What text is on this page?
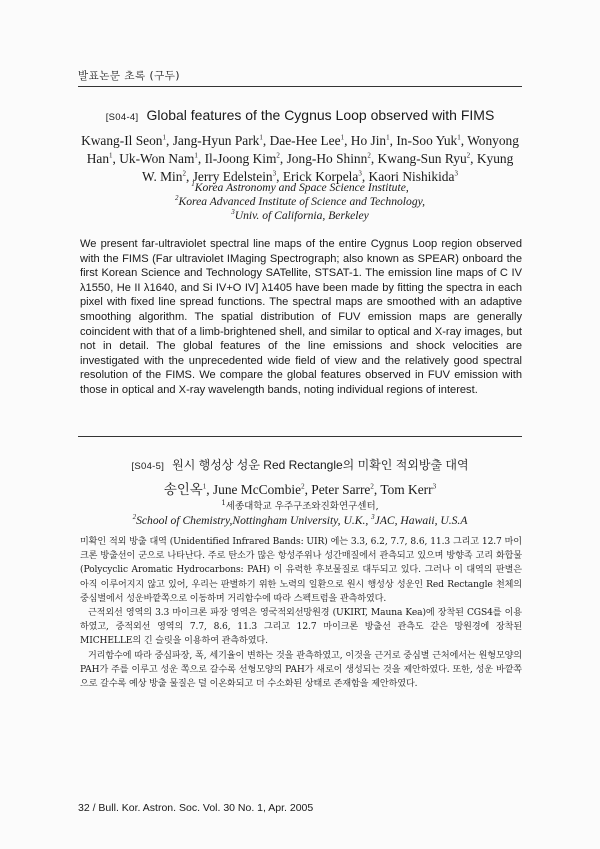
발표논문 초록 (구두)
[S04-4] Global features of the Cygnus Loop observed with FIMS
Kwang-Il Seon$^1$, Jang-Hyun Park$^1$, Dae-Hee Lee$^1$, Ho Jin$^1$, In-Soo Yuk$^1$, Wonyong Han$^1$, Uk-Won Nam$^1$, Il-Joong Kim$^2$, Jong-Ho Shinn$^2$, Kwang-Sun Ryu$^2$, Kyung W. Min$^2$, Jerry Edelstein$^3$, Erick Korpela$^3$, Kaori Nishikida$^3$
$^1$Korea Astronomy and Space Science Institute,
$^2$Korea Advanced Institute of Science and Technology,
$^3$Univ. of California, Berkeley
We present far-ultraviolet spectral line maps of the entire Cygnus Loop region observed with the FIMS (Far ultraviolet IMaging Spectrograph; also known as SPEAR) onboard the first Korean Science and Technology SATellite, STSAT-1. The emission line maps of C IV λ1550, He II λ1640, and Si IV+O IV] λ1405 have been made by fitting the spectra in each pixel with fixed line spread functions. The spectral maps are smoothed with an adaptive smoothing algorithm. The spatial distribution of FUV emission maps are generally coincident with that of a limb-brightened shell, and similar to optical and X-ray images, but not in detail. The global features of the line emissions and shock velocities are investigated with the unprecedented wide field of view and the relatively good spectral resolution of the FIMS. We compare the global features observed in FUV emission with those in optical and X-ray wavelength bands, noting individual regions of interest.
[S04-5] 원시 행성상 성운 Red Rectangle의 미확인 적외방출 대역
송인옥$^1$, June McCombie$^2$, Peter Sarre$^2$, Tom Kerr$^3$
$^1$세종대학교 우주구조와진화연구센터,
$^2$School of Chemistry,Nottingham University, U.K., $^3$JAC, Hawaii, U.S.A

미확인 적외 방출 대역 (Unidentified Infrared Bands: UIR) 에는 3.3, 6.2, 7.7, 8.6, 11.3 그리고 12.7 마이크론 방출선이 군으로 나타난다. 주로 탄소가 많은 항성주위나 성간매질에서 관측되고 있으며 방향족 고리 화합물 (Polycyclic Aromatic Hydrocarbons: PAH) 이 유력한 후보물질로 대두되고 있다. 그러나 이 대역의 판별은 아직 이루어지지 않고 있어, 우리는 판별하기 위한 노력의 일환으로 원시 행성상 성운인 Red Rectangle 천체의 중심별에서 성운바깥쪽으로 이동하며 거리함수에 따라 스펙트럼을 관측하였다.

근적외선 영역의 3.3 마이크론 파장 영역은 영국적외선망원경 (UKIRT, Mauna Kea)에 장착된 CGS4를 이용하였고, 중적외선 영역의 7.7, 8.6, 11.3 그리고 12.7 마이크론 방출선 관측도 같은 망원경에 장착된 MICHELLE의 긴 슬릿을 이용하여 관측하였다.

거리함수에 따라 중심파장, 폭, 세기율이 변하는 것을 관측하였고, 이것을 근거로 중심별 근처에서는 원형모양의 PAH가 주를 이루고 성운 쪽으로 갈수록 선형모양의 PAH가 새로이 생성되는 것을 제안하였다. 또한, 성운 바깥쪽으로 갈수록 예상 방출 물질은 덜 이온화되고 더 수소화된 상태로 존재함을 제안하였다.

32 / Bull. Kor. Astron. Soc. Vol. 30 No. 1, Apr. 2005
